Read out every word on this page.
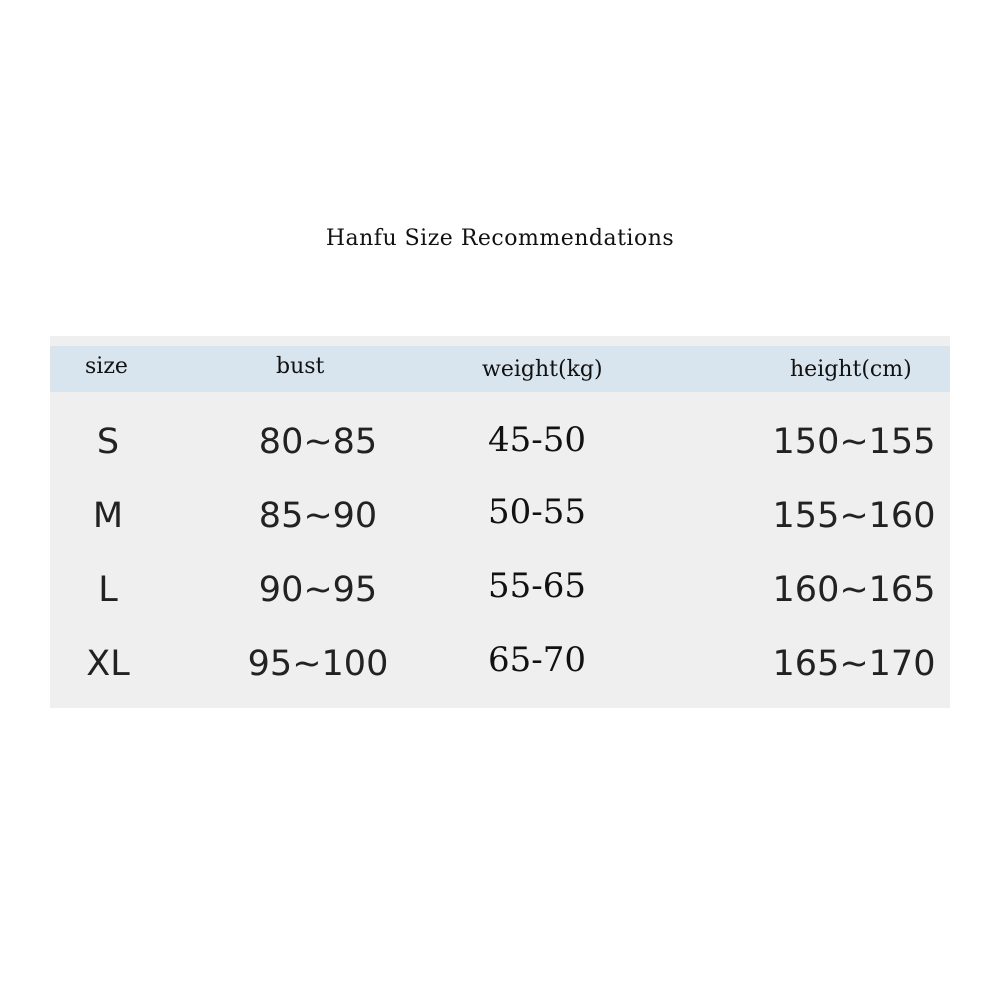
Hanfu Size Recommendations
size	bust	weight(kg)	height(cm)
S	80~85	45-50	150~155
M	85~90	50-55	155~160
L	90~95	55-65	160~165
XL	95~100	65-70	165~170
